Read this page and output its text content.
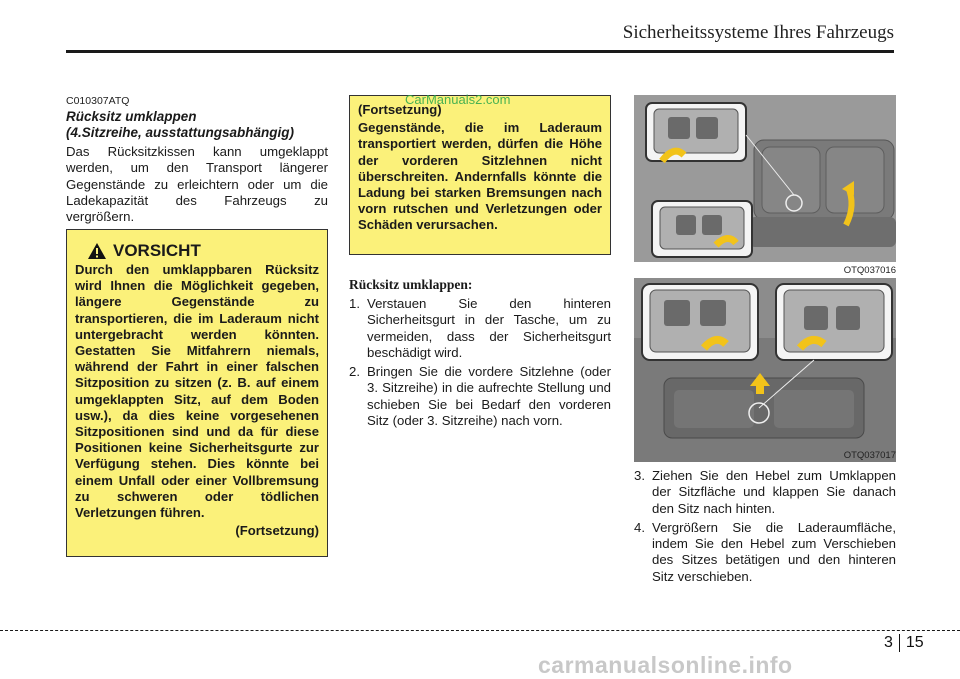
Sicherheitssysteme Ihres Fahrzeugs
C010307ATQ
Rücksitz umklappen
(4.Sitzreihe, ausstattungsabhängig)
Das Rücksitzkissen kann umgeklappt werden, um den Transport längerer Gegenstände zu erleichtern oder um die Ladekapazität des Fahrzeugs zu vergrößern.
VORSICHT
Durch den umklappbaren Rücksitz wird Ihnen die Möglichkeit gegeben, längere Gegenstände zu transportieren, die im Laderaum nicht untergebracht werden könnten. Gestatten Sie Mitfahrern niemals, während der Fahrt in einer falschen Sitzposition zu sitzen (z. B. auf einem umgeklappten Sitz, auf dem Boden usw.), da dies keine vorgesehenen Sitzpositionen sind und da für diese Positionen keine Sicherheitsgurte zur Verfügung stehen. Dies könnte bei einem Unfall oder einer Vollbremsung zu schweren oder tödlichen Verletzungen führen.
(Fortsetzung)
(Fortsetzung)
Gegenstände, die im Laderaum transportiert werden, dürfen die Höhe der vorderen Sitzlehnen nicht überschreiten. Andernfalls könnte die Ladung bei starken Bremsungen nach vorn rutschen und Verletzungen oder Schäden verursachen.
CarManuals2.com
Rücksitz umklappen:
1. Verstauen Sie den hinteren Sicherheitsgurt in der Tasche, um zu vermeiden, dass der Sicherheitsgurt beschädigt wird.
2. Bringen Sie die vordere Sitzlehne (oder 3. Sitzreihe) in die aufrechte Stellung und schieben Sie bei Bedarf den vorderen Sitz (oder 3. Sitzreihe) nach vorn.
OTQ037016
OTQ037017
3. Ziehen Sie den Hebel zum Umklappen der Sitzfläche und klappen Sie danach den Sitz nach hinten.
4. Vergrößern Sie die Laderaumfläche, indem Sie den Hebel zum Verschieben des Sitzes betätigen und den hinteren Sitz verschieben.
3 15
carmanualsonline.info
